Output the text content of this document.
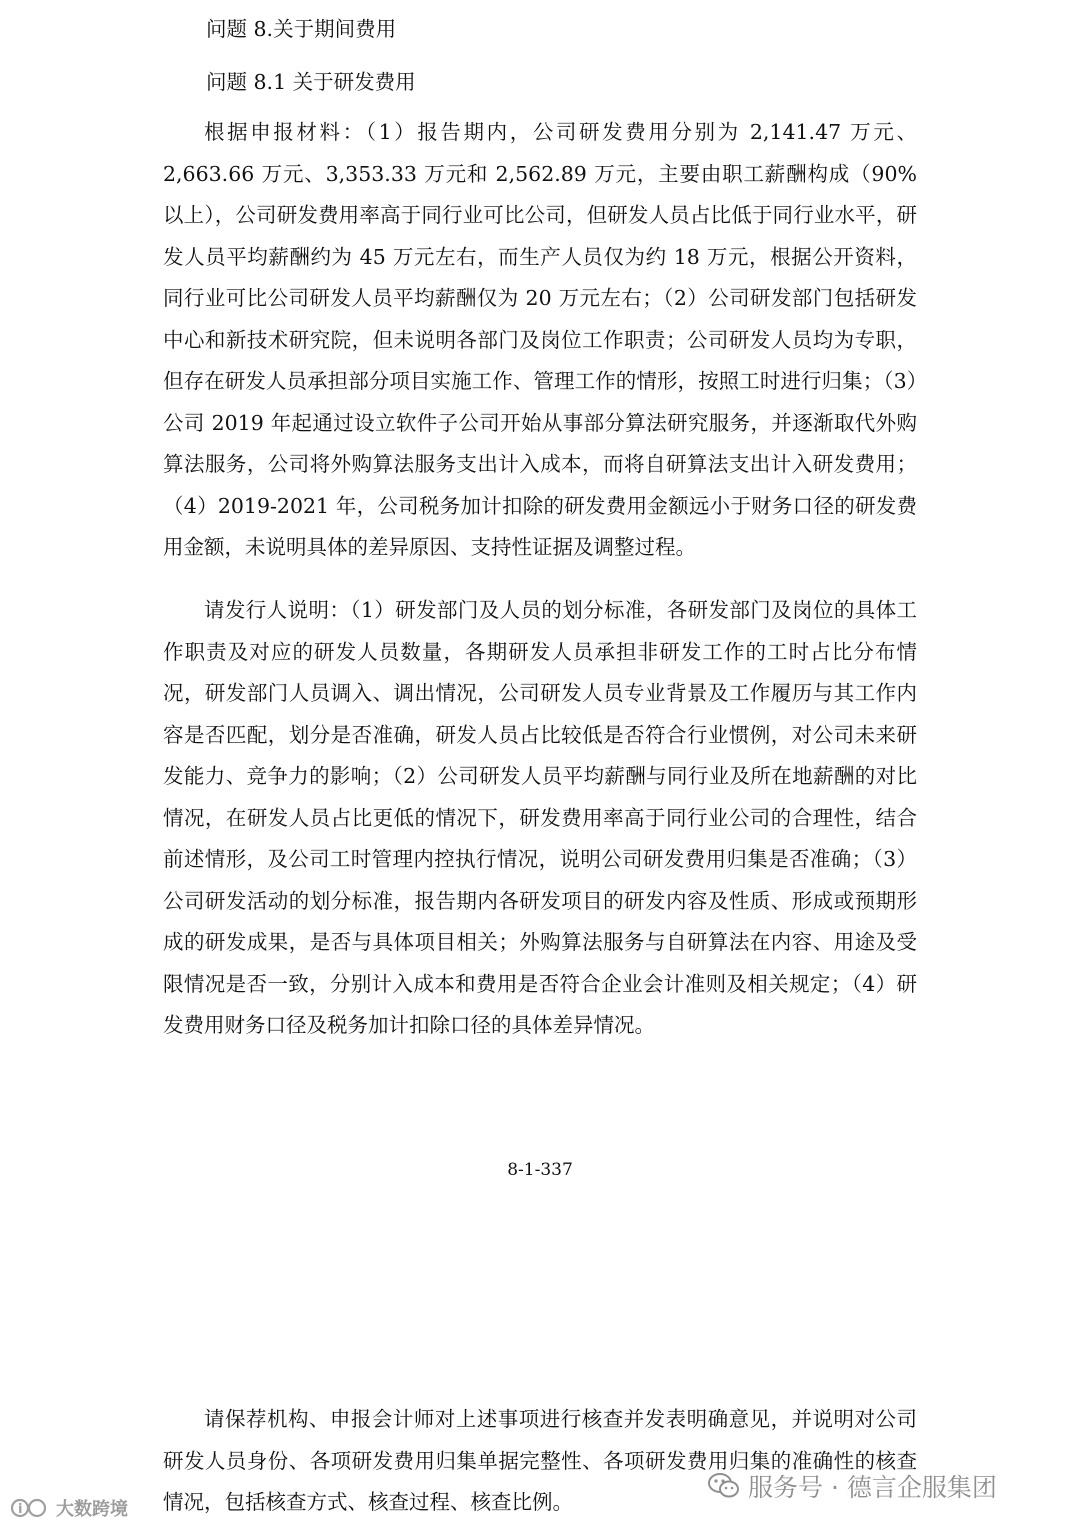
问题 8.关于期间费用
问题 8.1 关于研发费用

根据申报材料：（1）报告期内，公司研发费用分别为 2,141.47 万元、2,663.66 万元、3,353.33 万元和 2,562.89 万元，主要由职工薪酬构成（90%以上），公司研发费用率高于同行业可比公司，但研发人员占比低于同行业水平，研发人员平均薪酬约为 45 万元左右，而生产人员仅为约 18 万元，根据公开资料，同行业可比公司研发人员平均薪酬仅为 20 万元左右；（2）公司研发部门包括研发中心和新技术研究院，但未说明各部门及岗位工作职责；公司研发人员均为专职，但存在研发人员承担部分项目实施工作、管理工作的情形，按照工时进行归集；（3）公司 2019 年起通过设立软件子公司开始从事部分算法研究服务，并逐渐取代外购算法服务，公司将外购算法服务支出计入成本，而将自研算法支出计入研发费用；（4）2019-2021 年，公司税务加计扣除的研发费用金额远小于财务口径的研发费用金额，未说明具体的差异原因、支持性证据及调整过程。

请发行人说明：（1）研发部门及人员的划分标准，各研发部门及岗位的具体工作职责及对应的研发人员数量，各期研发人员承担非研发工作的工时占比分布情况，研发部门人员调入、调出情况，公司研发人员专业背景及工作履历与其工作内容是否匹配，划分是否准确，研发人员占比较低是否符合行业惯例，对公司未来研发能力、竞争力的影响；（2）公司研发人员平均薪酬与同行业及所在地薪酬的对比情况，在研发人员占比更低的情况下，研发费用率高于同行业公司的合理性，结合前述情形，及公司工时管理内控执行情况，说明公司研发费用归集是否准确；（3）公司研发活动的划分标准，报告期内各研发项目的研发内容及性质、形成或预期形成的研发成果，是否与具体项目相关；外购算法服务与自研算法在内容、用途及受限情况是否一致，分别计入成本和费用是否符合企业会计准则及相关规定；（4）研发费用财务口径及税务加计扣除口径的具体差异情况。

8-1-337

请保荐机构、申报会计师对上述事项进行核查并发表明确意见，并说明对公司研发人员身份、各项研发费用归集单据完整性、各项研发费用归集的准确性的核查情况，包括核查方式、核查过程、核查比例。

i 大数跨境
服务号 · 德言企服集团
